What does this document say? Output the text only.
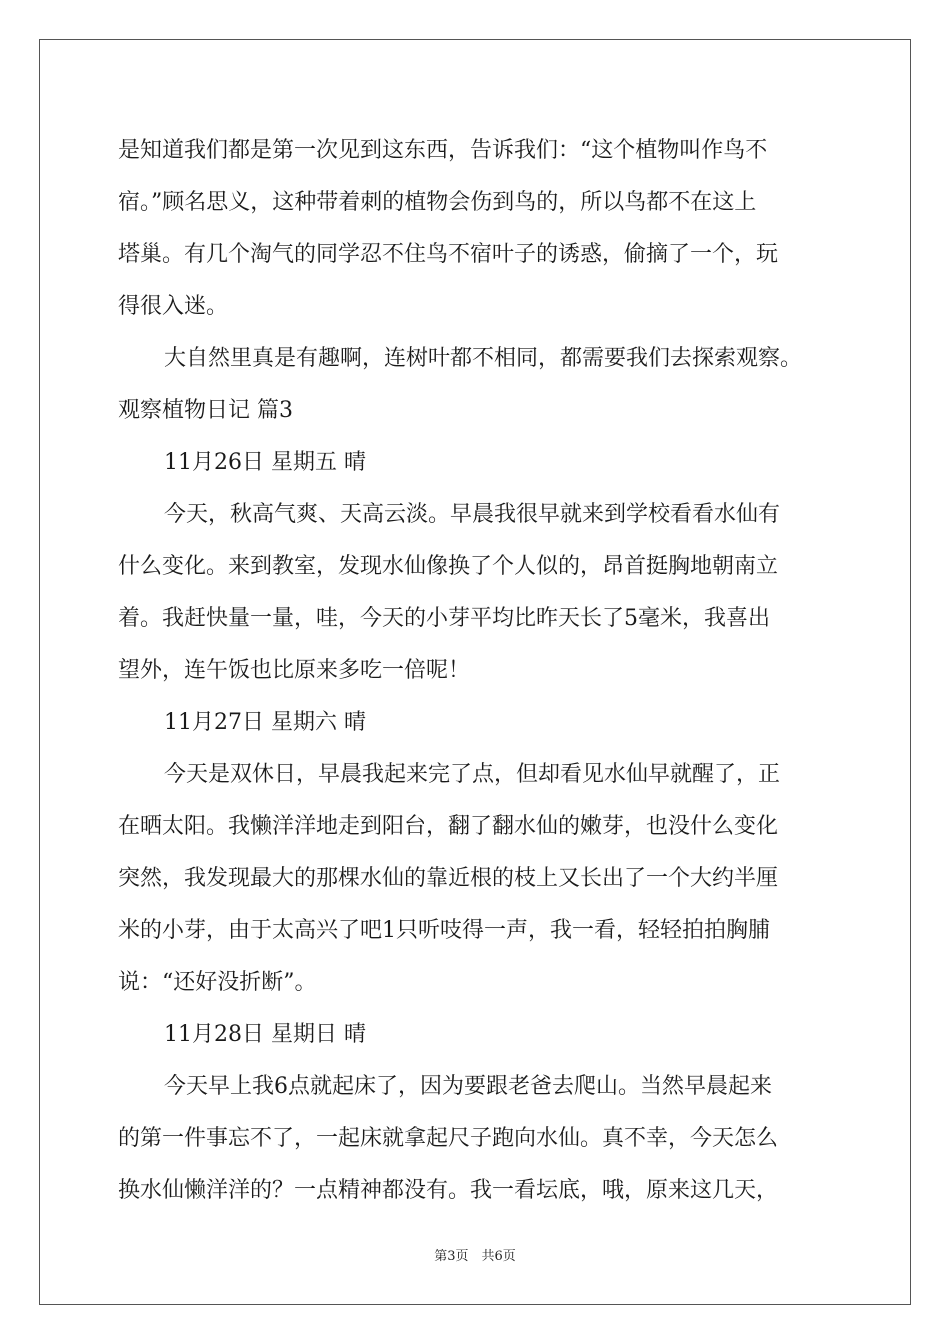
是知道我们都是第一次见到这东西，告诉我们：“这个植物叫作鸟不
宿。”顾名思义，这种带着刺的植物会伤到鸟的，所以鸟都不在这上
塔巢。有几个淘气的同学忍不住鸟不宿叶子的诱惑，偷摘了一个，玩
得很入迷。
大自然里真是有趣啊，连树叶都不相同，都需要我们去探索观察。
观察植物日记 篇3
11月26日 星期五 晴
今天，秋高气爽、天高云淡。早晨我很早就来到学校看看水仙有
什么变化。来到教室，发现水仙像换了个人似的，昂首挺胸地朝南立
着。我赶快量一量，哇，今天的小芽平均比昨天长了5毫米，我喜出
望外，连午饭也比原来多吃一倍呢！
11月27日 星期六 晴
今天是双休日，早晨我起来完了点，但却看见水仙早就醒了，正
在晒太阳。我懒洋洋地走到阳台，翻了翻水仙的嫩芽，也没什么变化
突然，我发现最大的那棵水仙的靠近根的枝上又长出了一个大约半厘
米的小芽，由于太高兴了吧1只听吱得一声，我一看，轻轻拍拍胸脯
说：“还好没折断”。
11月28日 星期日 晴
今天早上我6点就起床了，因为要跟老爸去爬山。当然早晨起来
的第一件事忘不了，一起床就拿起尺子跑向水仙。真不幸，今天怎么
换水仙懒洋洋的？一点精神都没有。我一看坛底，哦，原来这几天，
第3页　共6页
